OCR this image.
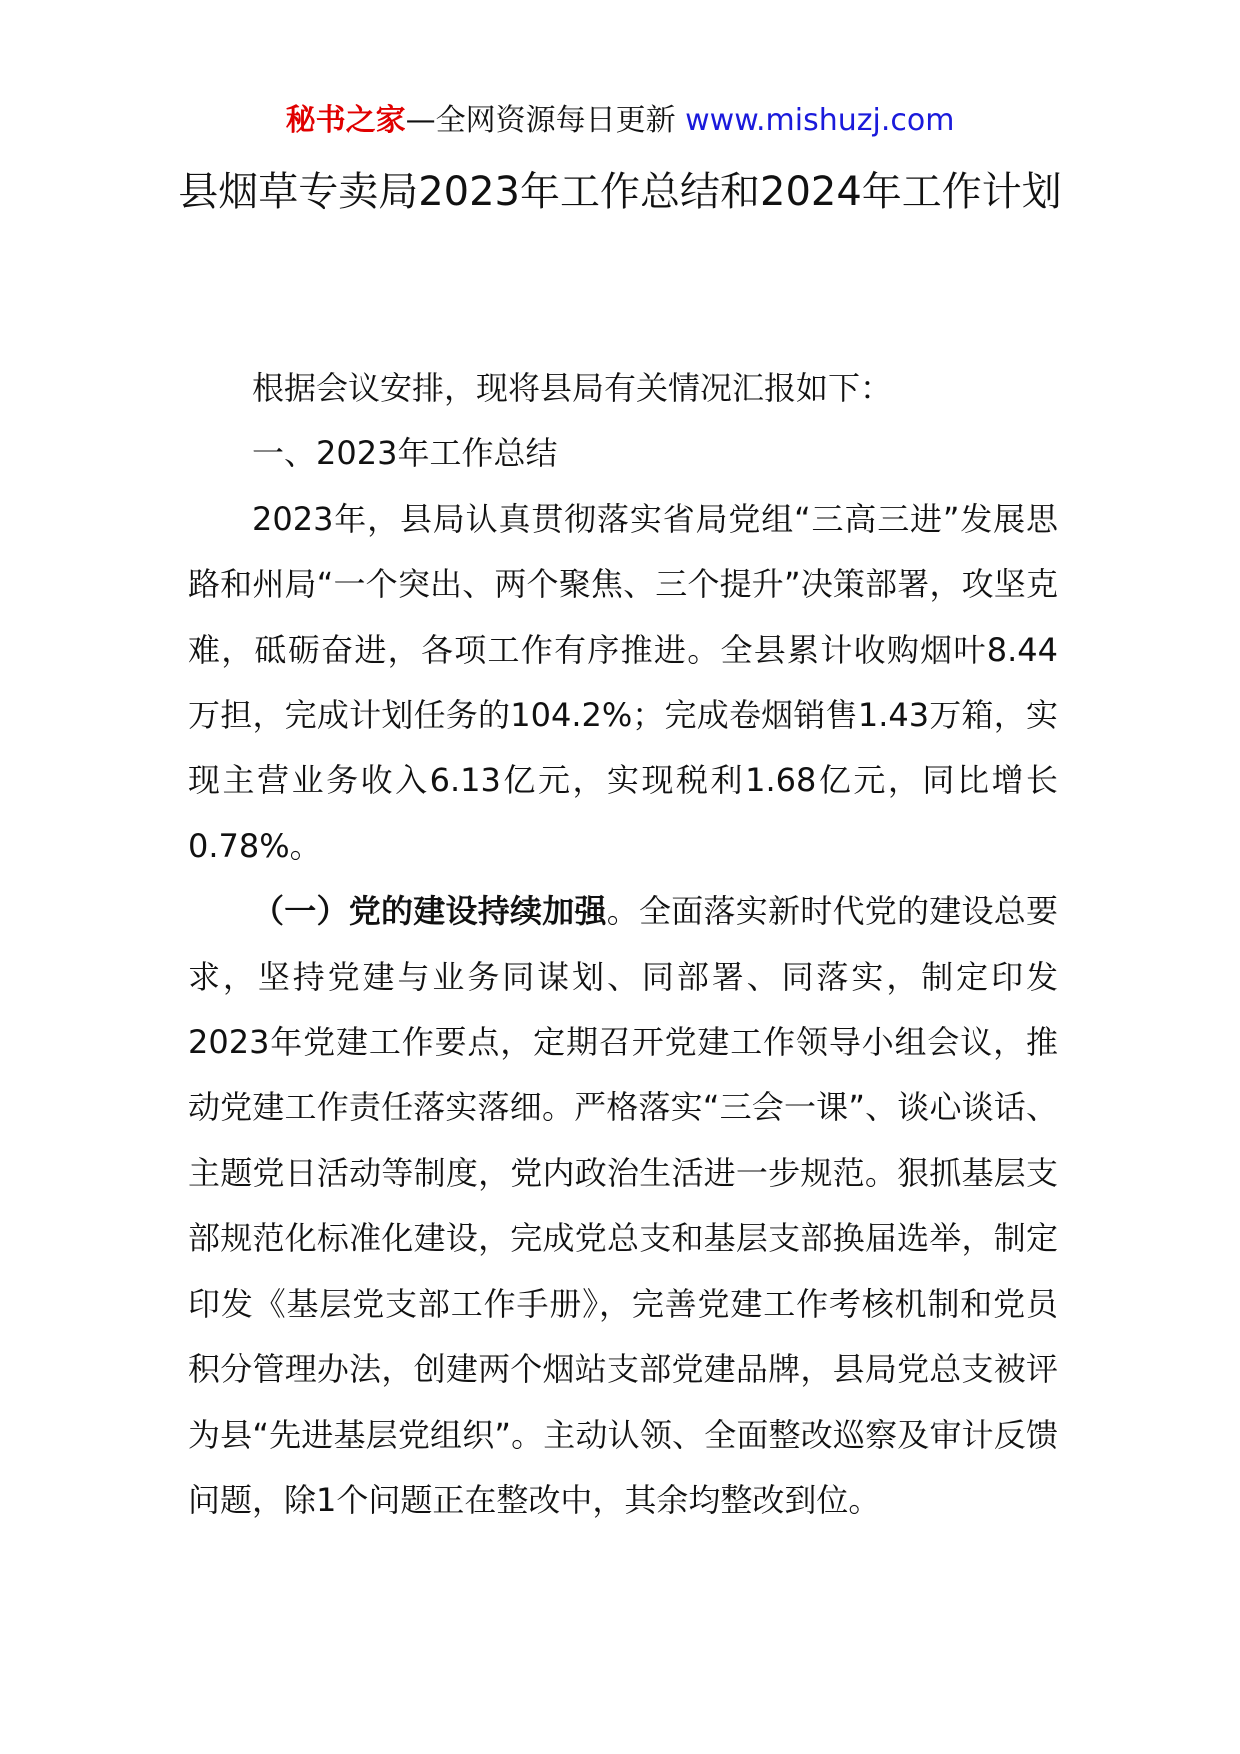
秘书之家—全网资源每日更新 www.mishuzj.com
县烟草专卖局2023年工作总结和2024年工作计划

根据会议安排，现将县局有关情况汇报如下：

一、2023年工作总结

2023年，县局认真贯彻落实省局党组“三高三进”发展思路和州局“一个突出、两个聚焦、三个提升”决策部署，攻坚克难，砥砺奋进，各项工作有序推进。全县累计收购烟叶8.44万担，完成计划任务的104.2%；完成卷烟销售1.43万箱，实现主营业务收入6.13亿元，实现税利1.68亿元，同比增长0.78%。

（一）党的建设持续加强。全面落实新时代党的建设总要求，坚持党建与业务同谋划、同部署、同落实，制定印发2023年党建工作要点，定期召开党建工作领导小组会议，推动党建工作责任落实落细。严格落实“三会一课”、谈心谈话、主题党日活动等制度，党内政治生活进一步规范。狠抓基层支部规范化标准化建设，完成党总支和基层支部换届选举，制定印发《基层党支部工作手册》，完善党建工作考核机制和党员积分管理办法，创建两个烟站支部党建品牌，县局党总支被评为县“先进基层党组织”。主动认领、全面整改巡察及审计反馈问题，除1个问题正在整改中，其余均整改到位。
